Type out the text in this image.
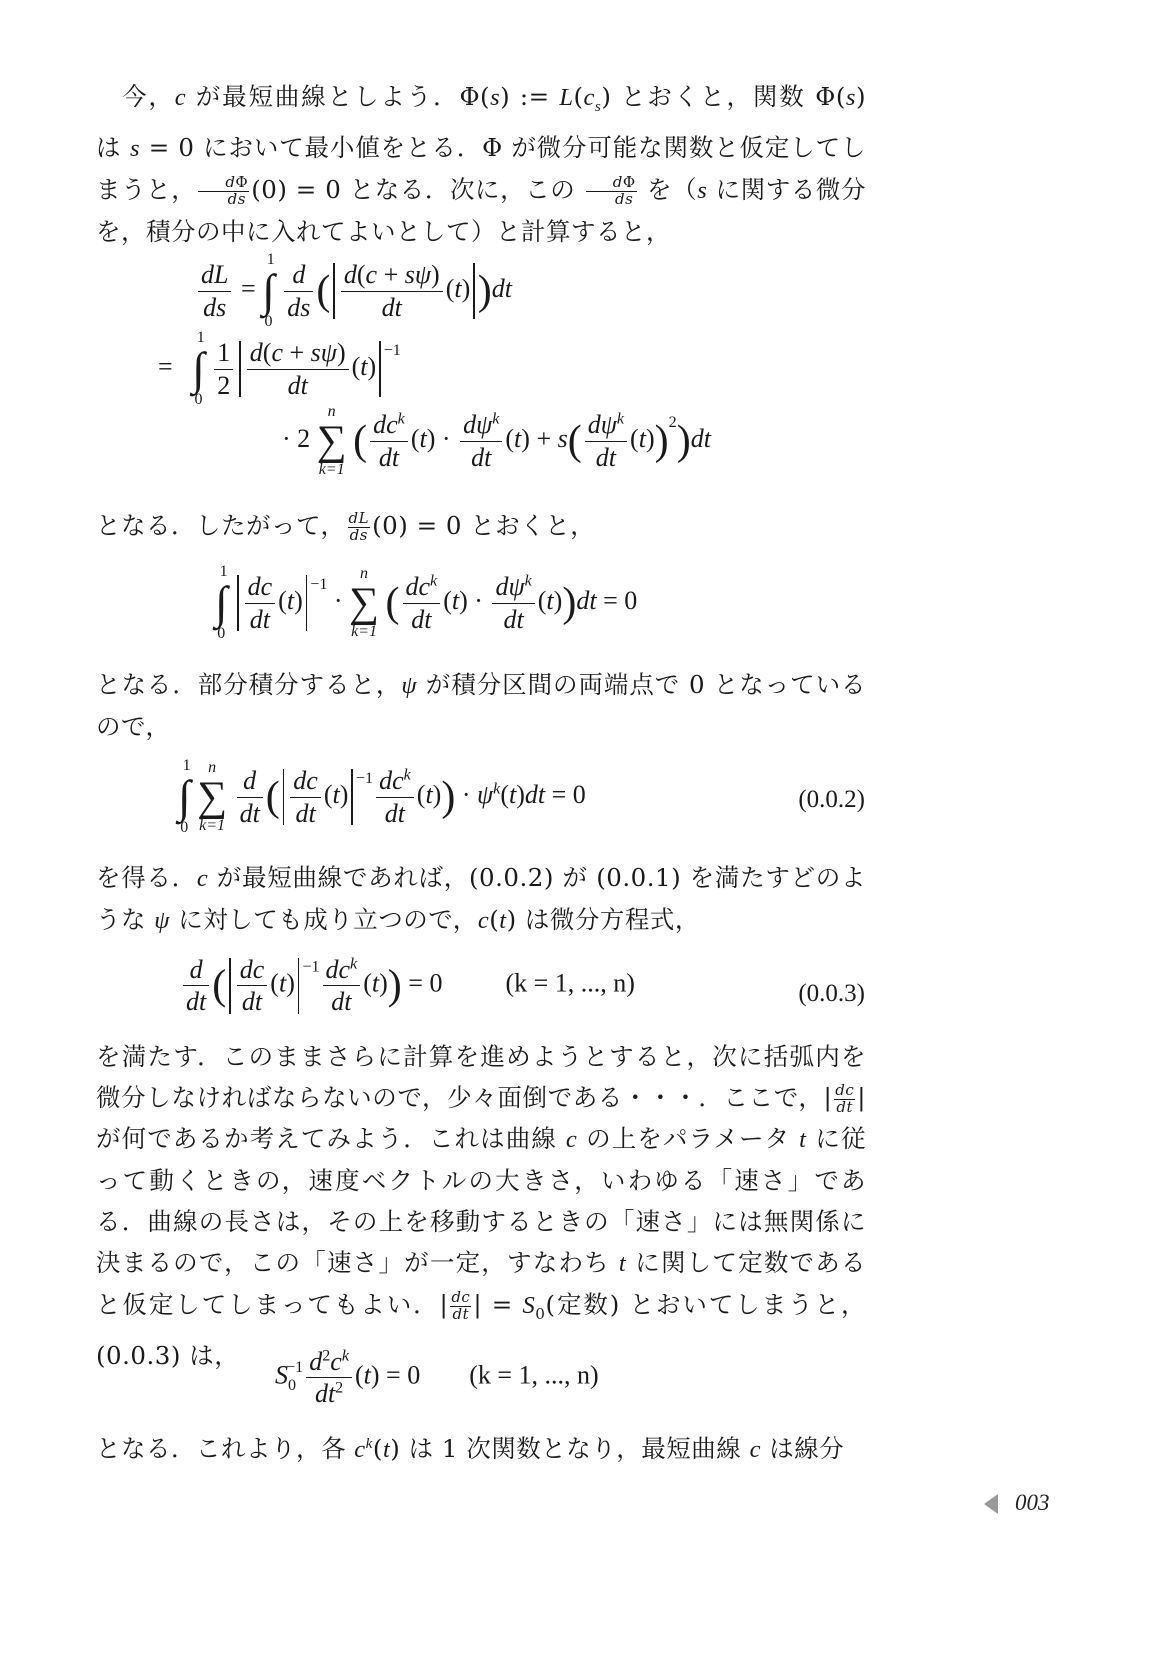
今，c が最短曲線としよう．Φ(s) := $L(c_s)$ とおくと，関数 Φ(s) は s = 0 において最小値をとる．Φ が微分可能な関数と仮定してしまうと， $\frac{d\Phi}{ds} (0) = 0$ となる．次に，この $\frac{d\Phi}{ds}$ を（s に関する微分を，積分の中に入れてよいとして）と計算すると，

$\frac{dL}{ds}$ =
1
∫
0
$\frac{d}{ds}$ ( $\frac{d(c + s\psi)}{dt} (t)$ )dt
=
1
∫
0
$\frac{1}{2} \frac{d(c + s\psi)}{dt} (t)^{-1}$
· 2
n
∑
k=1
( $\frac{dc^k}{dt} (t) \cdot \frac{d\psi^k}{dt} (t) + s( \frac{d\psi^k}{dt} (t))^2)dt$

となる．したがって， $\frac{dL}{ds} (0) = 0$ とおくと，

1
∫
0
$\frac{dc}{dt} (t)^{-1}$ ·
n
∑
k=1
( $\frac{dc^k}{dt} (t) \cdot \frac{d\psi^k}{dt} (t))dt = 0$

となる．部分積分すると，ψ が積分区間の両端点で 0 となっているので，

1
∫
0

n
∑
k=1
$\frac{d}{dt}$ ( $\frac{dc}{dt} (t)^{-1} \frac{dc^k}{dt} (t)) \cdot \psi^k(t)dt = 0$	(0.0.2)

を得る．c が最短曲線であれば，(0.0.2) が (0.0.1) を満たすどのような ψ に対しても成り立つので，c(t) は微分方程式，

$\frac{d}{dt}$ ( $\frac{dc}{dt} (t)^{-1} \frac{dc^k}{dt} (t)) = 0$  (k = 1, ..., n)	(0.0.3)

を満たす．このままさらに計算を進めようとすると，次に括弧内を微分しなければならないので，少々面倒である・・・．ここで，| $\frac{dc}{dt}$ | が何であるか考えてみよう．これは曲線 c の上をパラメータ t に従って動くときの，速度ベクトルの大きさ，いわゆる「速さ」である．曲線の長さは，その上を移動するときの「速さ」には無関係に決まるので，この「速さ」が一定，すなわち t に関して定数であると仮定してしまってもよい．| $\frac{dc}{dt}$ | = $S_0$(定数) とおいてしまうと，(0.0.3) は，

$S_0^{-1} \frac{d^2c^k}{dt^2} (t) = 0$  (k = 1, ..., n)

となる．これより，各 $c^k(t)$ は 1 次関数となり，最短曲線 c は線分

003
